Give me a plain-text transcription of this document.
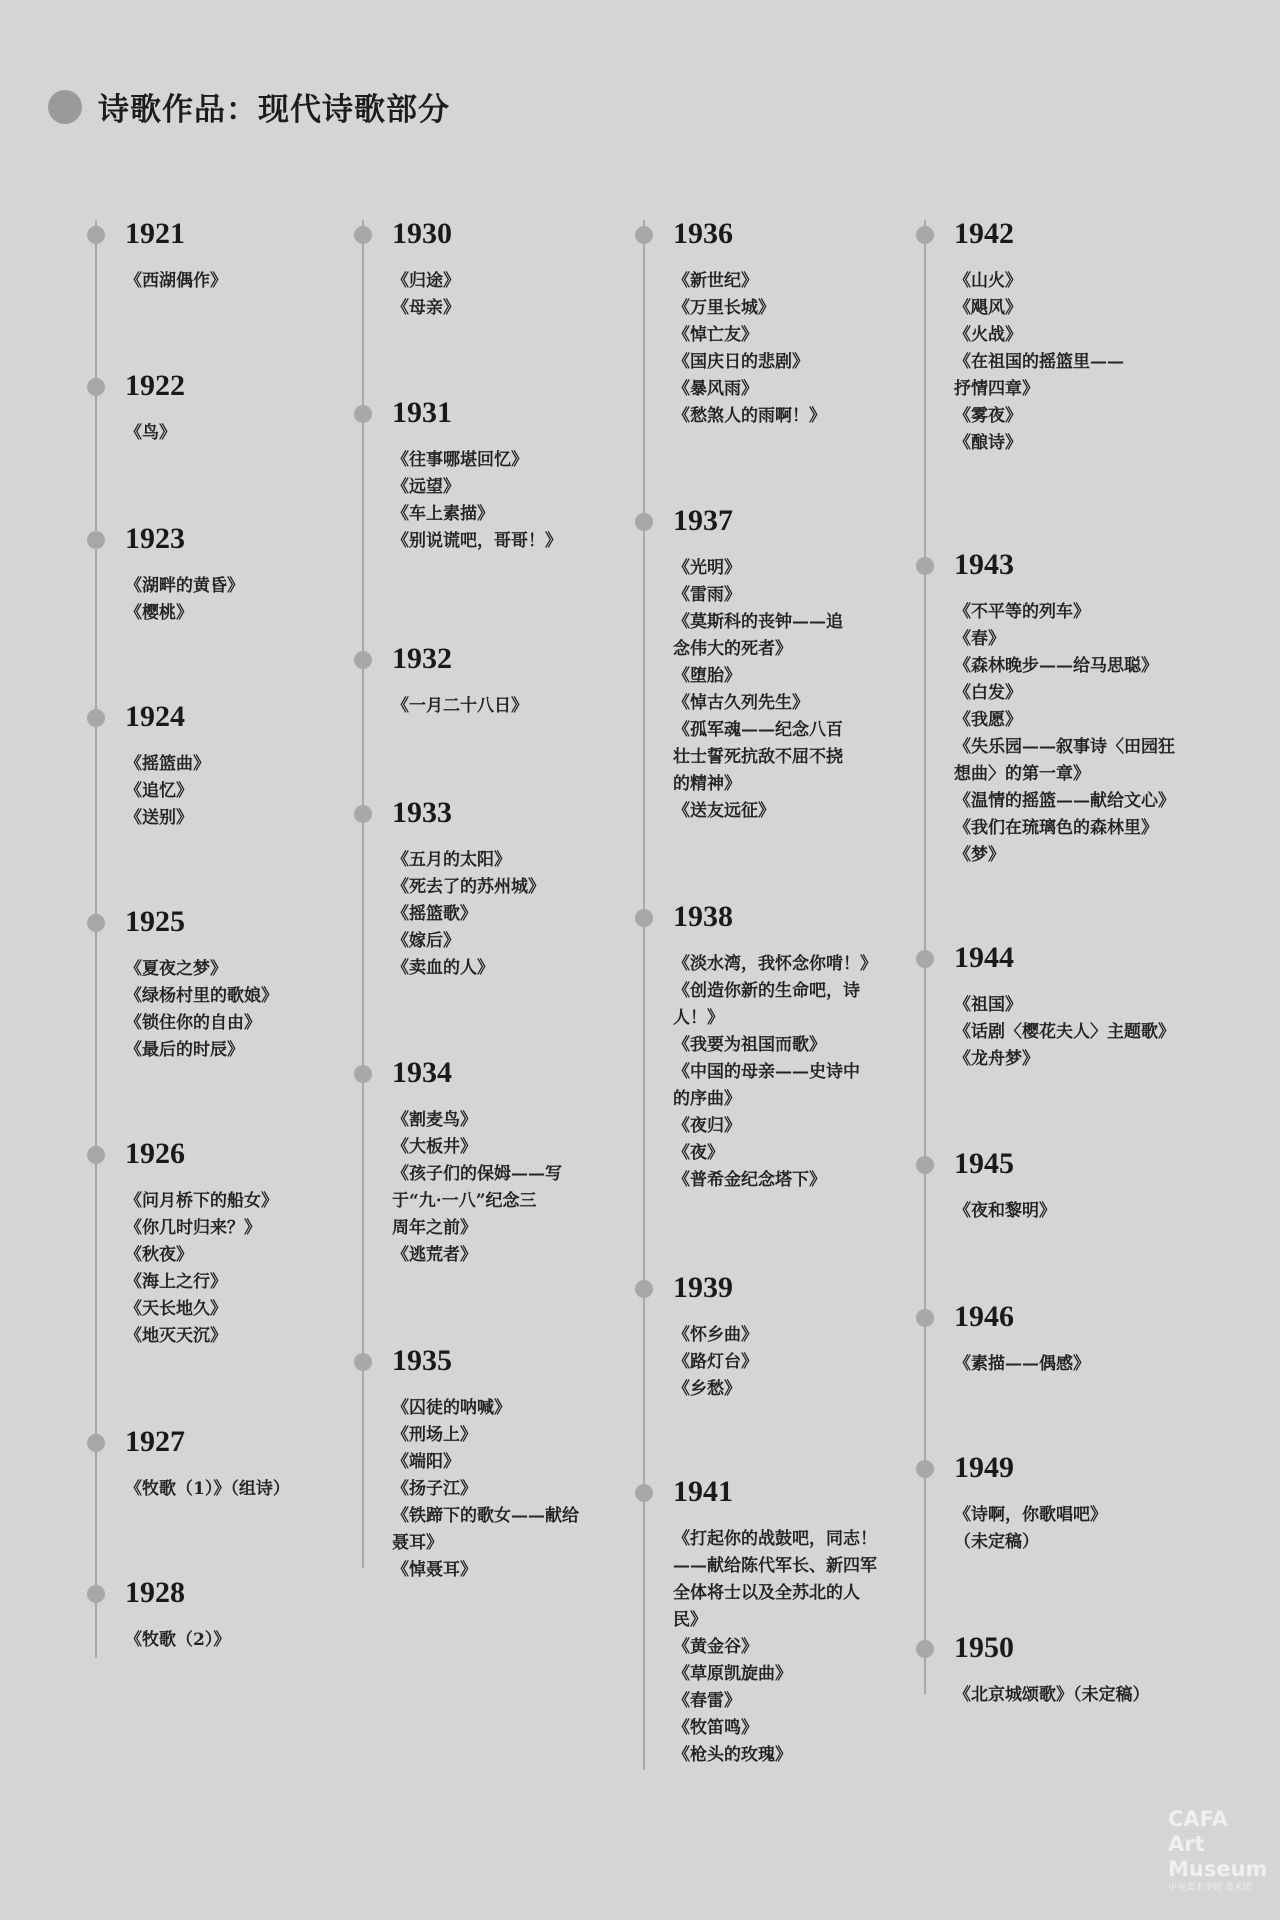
诗歌作品：现代诗歌部分
1921
《西湖偶作》
1922
《鸟》
1923
《湖畔的黄昏》
《樱桃》
1924
《摇篮曲》
《追忆》
《送别》
1925
《夏夜之梦》
《绿杨村里的歌娘》
《锁住你的自由》
《最后的时辰》
1926
《问月桥下的船女》
《你几时归来？》
《秋夜》
《海上之行》
《天长地久》
《地灭天沉》
1927
《牧歌（1）》（组诗）
1928
《牧歌（2）》
1930
《归途》
《母亲》
1931
《往事哪堪回忆》
《远望》
《车上素描》
《别说谎吧，哥哥！》
1932
《一月二十八日》
1933
《五月的太阳》
《死去了的苏州城》
《摇篮歌》
《嫁后》
《卖血的人》
1934
《割麦鸟》
《大板井》
《孩子们的保姆——写
于“九·一八”纪念三
周年之前》
《逃荒者》
1935
《囚徒的呐喊》
《刑场上》
《端阳》
《扬子江》
《铁蹄下的歌女——献给
聂耳》
《悼聂耳》
1936
《新世纪》
《万里长城》
《悼亡友》
《国庆日的悲剧》
《暴风雨》
《愁煞人的雨啊！》
1937
《光明》
《雷雨》
《莫斯科的丧钟——追
念伟大的死者》
《堕胎》
《悼古久列先生》
《孤军魂——纪念八百
壮士誓死抗敌不屈不挠
的精神》
《送友远征》
1938
《淡水湾，我怀念你啃！》
《创造你新的生命吧，诗
人！》
《我要为祖国而歌》
《中国的母亲——史诗中
的序曲》
《夜归》
《夜》
《普希金纪念塔下》
1939
《怀乡曲》
《路灯台》
《乡愁》
1941
《打起你的战鼓吧，同志！
——献给陈代军长、新四军
全体将士以及全苏北的人
民》
《黄金谷》
《草原凯旋曲》
《春雷》
《牧笛鸣》
《枪头的玫瑰》
1942
《山火》
《飓风》
《火战》
《在祖国的摇篮里——
抒情四章》
《雾夜》
《酿诗》
1943
《不平等的列车》
《春》
《森林晚步——给马思聪》
《白发》
《我愿》
《失乐园——叙事诗〈田园狂
想曲〉的第一章》
《温情的摇篮——献给文心》
《我们在琉璃色的森林里》
《梦》
1944
《祖国》
《话剧〈樱花夫人〉主题歌》
《龙舟梦》
1945
《夜和黎明》
1946
《素描——偶感》
1949
《诗啊，你歌唱吧》
（未定稿）
1950
《北京城颂歌》（未定稿）
CAFA
Art
Museum
中央美术学院 美术馆
